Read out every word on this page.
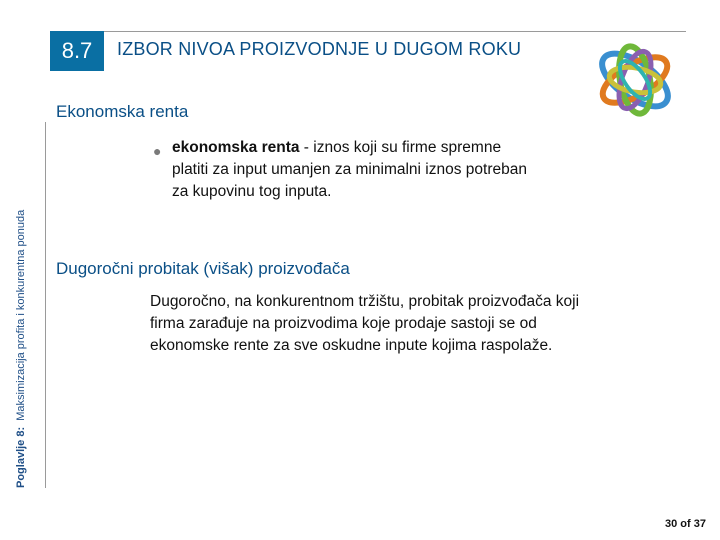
8.7	IZBOR NIVOA PROIZVODNJE U DUGOM ROKU
Poglavlje 8:  Maksimizacija profita i konkurentna ponuda
Ekonomska renta
● ekonomska renta - iznos koji su firme spremne platiti za input umanjen za minimalni iznos potreban za kupovinu tog inputa.
Dugoročni probitak (višak) proizvođača
Dugoročno, na konkurentnom tržištu, probitak proizvođača koji firma zarađuje na proizvodima koje prodaje sastoji se od ekonomske rente za sve oskudne inpute kojima raspolaže.
30 of 37
